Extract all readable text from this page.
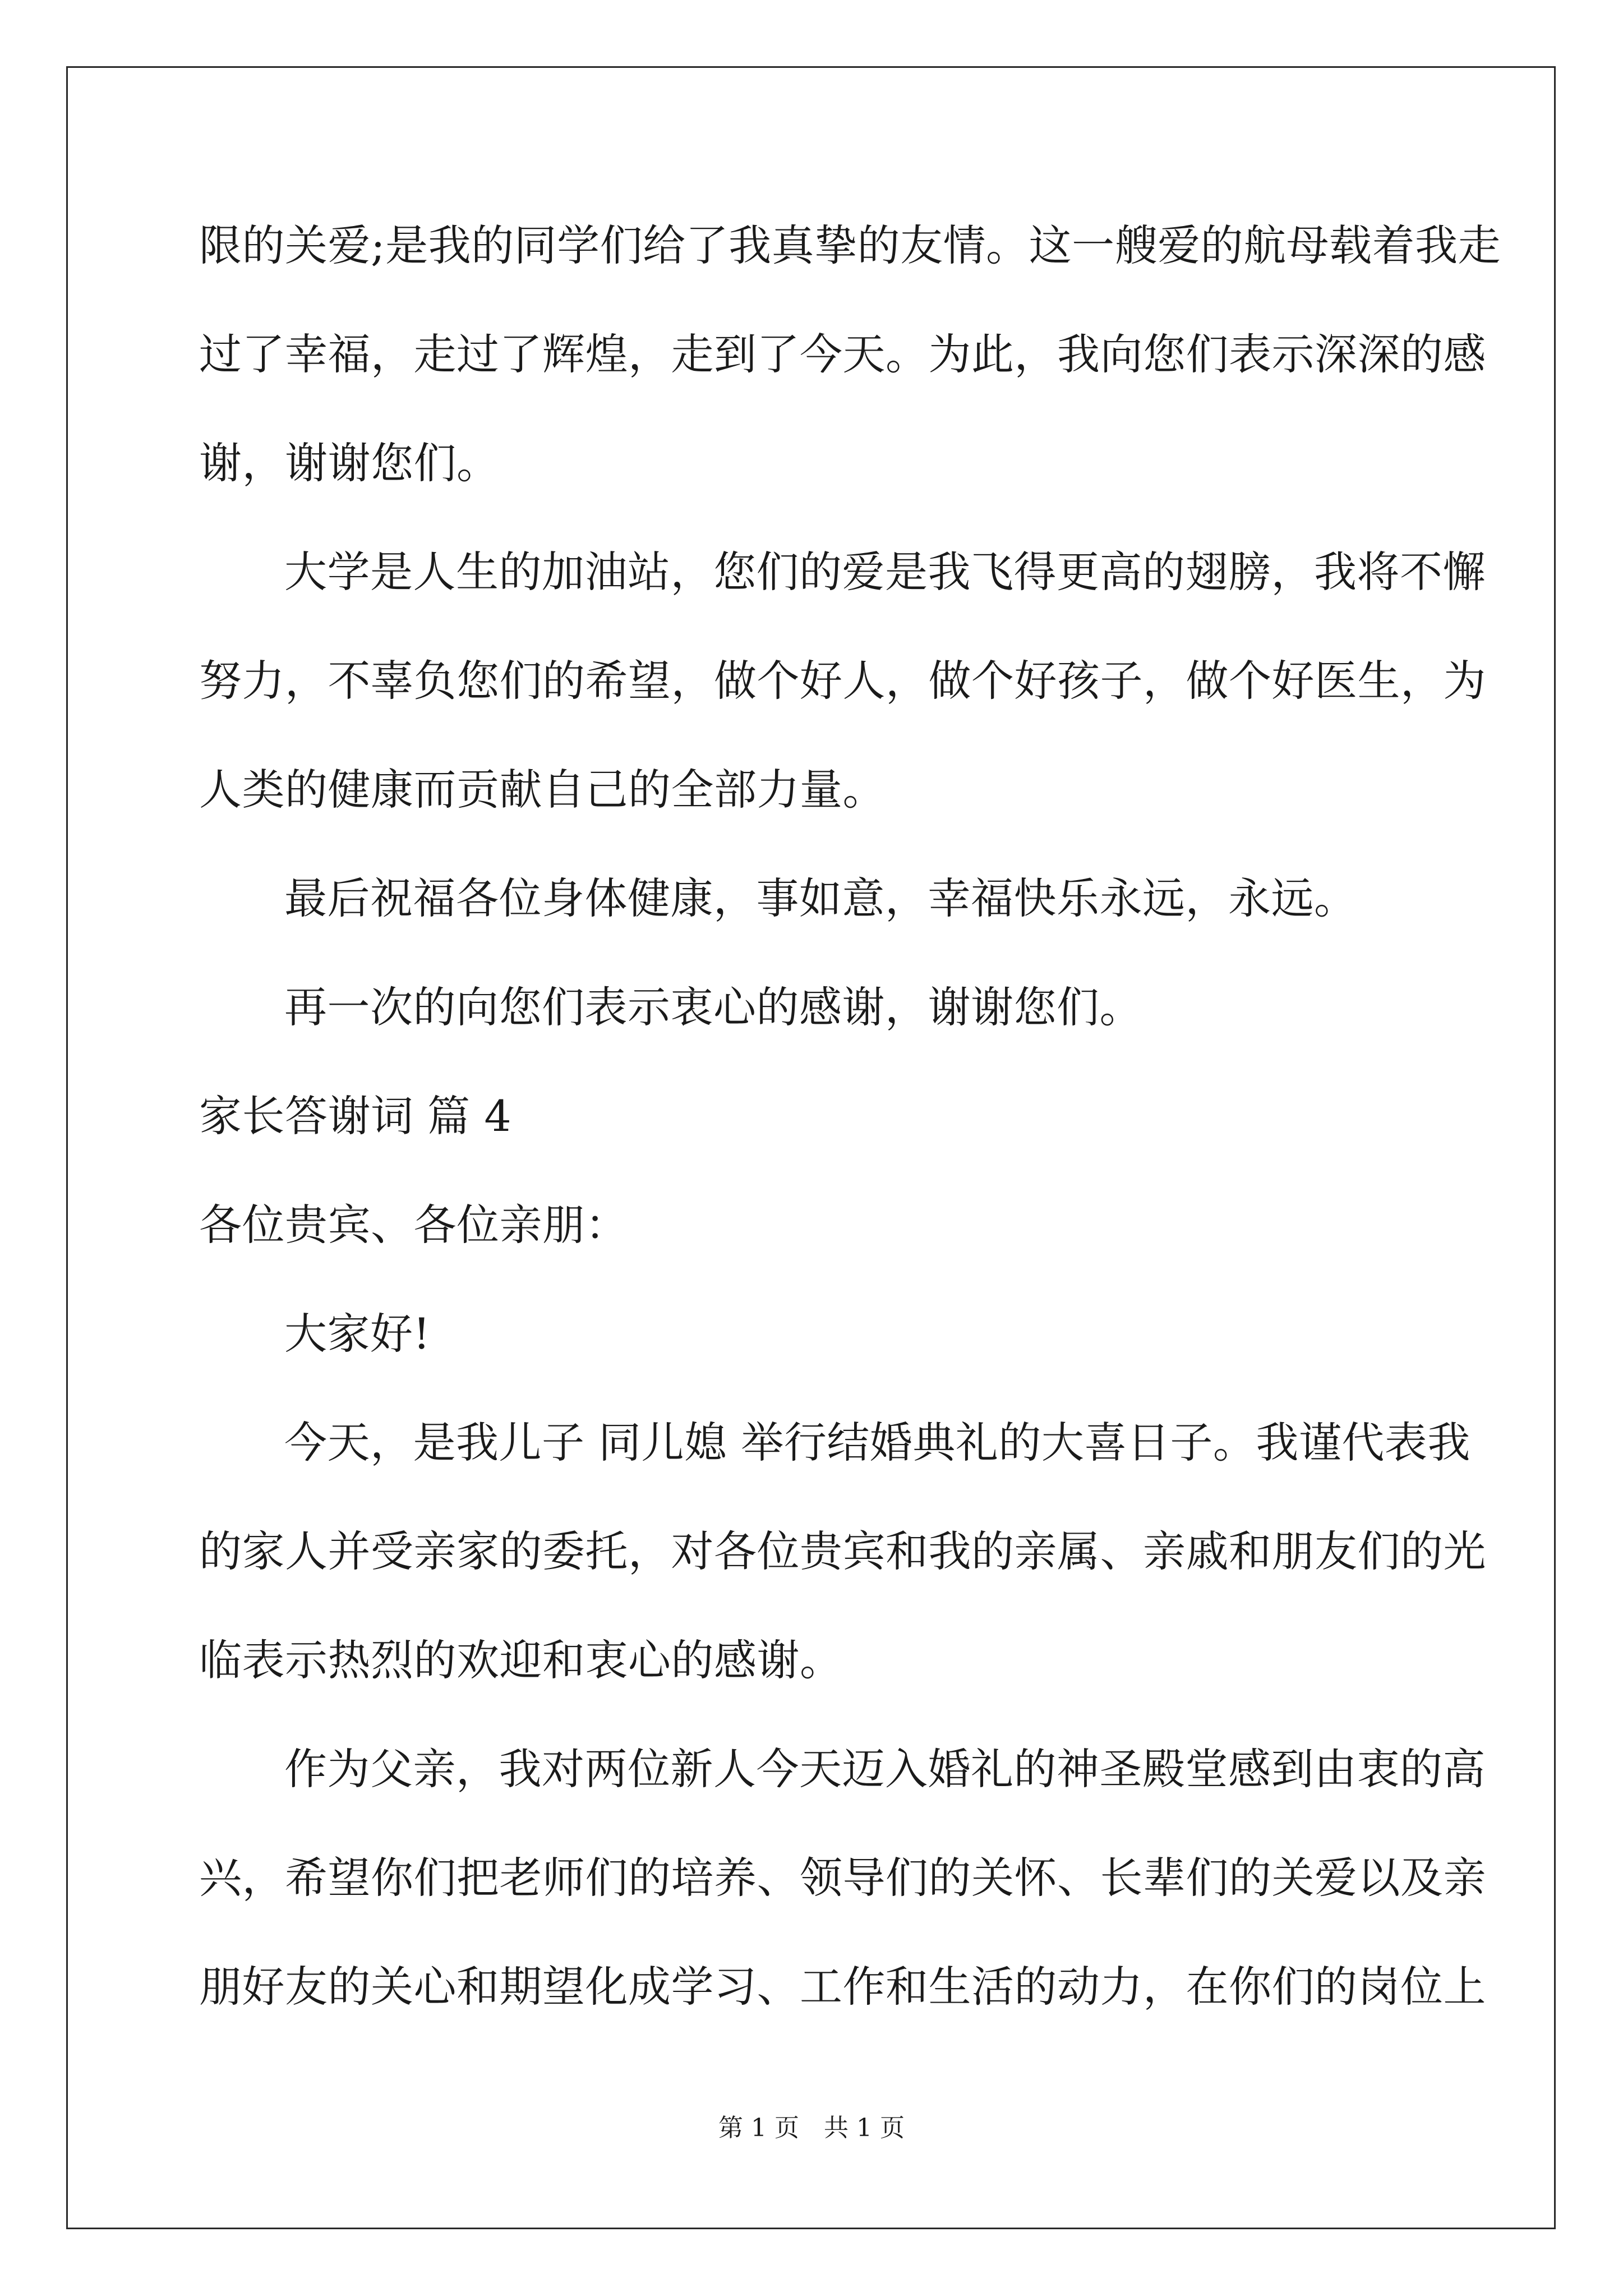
限的关爱;是我的同学们给了我真挚的友情。这一艘爱的航母载着我走
过了幸福，走过了辉煌，走到了今天。为此，我向您们表示深深的感
谢，谢谢您们。
大学是人生的加油站，您们的爱是我飞得更高的翅膀，我将不懈
努力，不辜负您们的希望，做个好人，做个好孩子，做个好医生，为
人类的健康而贡献自己的全部力量。
最后祝福各位身体健康，事如意，幸福快乐永远，永远。
再一次的向您们表示衷心的感谢，谢谢您们。
家长答谢词 篇 4
各位贵宾、各位亲朋：
大家好!
今天，是我儿子 同儿媳 举行结婚典礼的大喜日子。我谨代表我
的家人并受亲家的委托，对各位贵宾和我的亲属、亲戚和朋友们的光
临表示热烈的欢迎和衷心的感谢。
作为父亲，我对两位新人今天迈入婚礼的神圣殿堂感到由衷的高
兴，希望你们把老师们的培养、领导们的关怀、长辈们的关爱以及亲
朋好友的关心和期望化成学习、工作和生活的动力，在你们的岗位上
第 1 页　共 1 页
